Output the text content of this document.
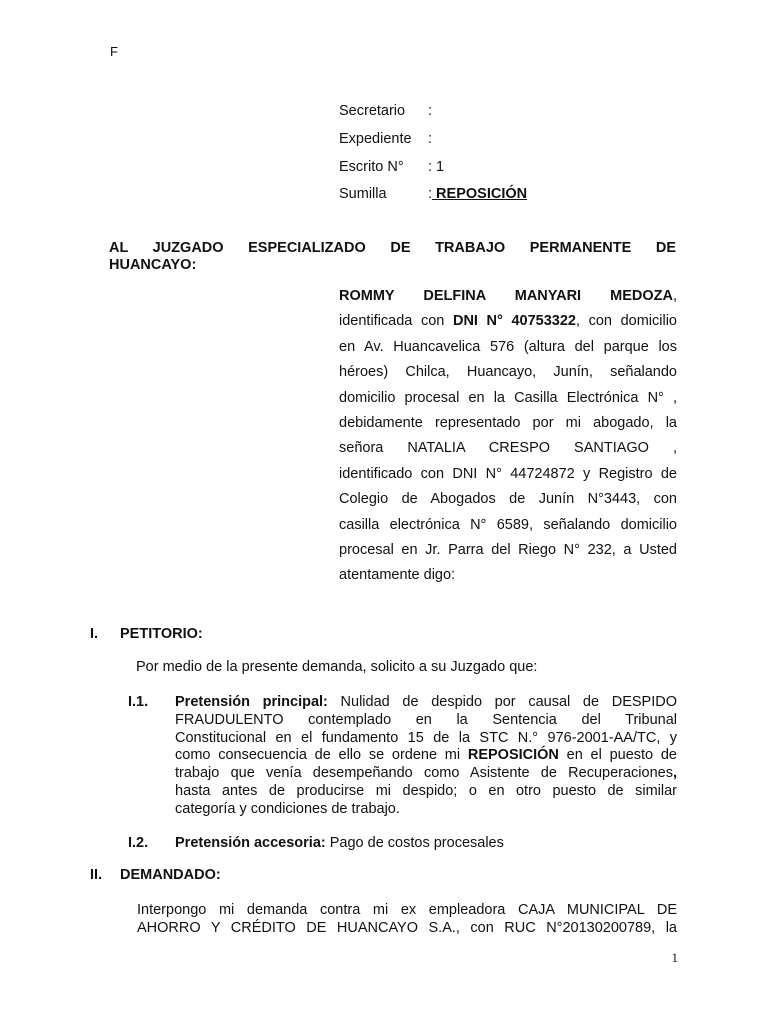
F
Secretario :
Expediente :
Escrito N° : 1
Sumilla	: REPOSICIÓN
AL JUZGADO ESPECIALIZADO DE TRABAJO PERMANENTE DE
HUANCAYO:
ROMMY DELFINA MANYARI MEDOZA,
identificada con DNI N° 40753322, con domicilio
en Av. Huancavelica 576 (altura del parque los
héroes) Chilca, Huancayo, Junín, señalando
domicilio procesal en la Casilla Electrónica N° ,
debidamente representado por mi abogado, la
señora NATALIA CRESPO SANTIAGO ,
identificado con DNI N° 44724872 y Registro de
Colegio de Abogados de Junín N°3443, con
casilla electrónica N° 6589, señalando domicilio
procesal en Jr. Parra del Riego N° 232, a Usted
atentamente digo:
I. PETITORIO:
Por medio de la presente demanda, solicito a su Juzgado que:
I.1. Pretensión principal: Nulidad de despido por causal de DESPIDO
FRAUDULENTO contemplado en la Sentencia del Tribunal
Constitucional en el fundamento 15 de la STC N.° 976-2001-AA/TC, y
como consecuencia de ello se ordene mi REPOSICIÓN en el puesto de
trabajo que venía desempeñando como Asistente de Recuperaciones,
hasta antes de producirse mi despido; o en otro puesto de similar
categoría y condiciones de trabajo.
I.2. Pretensión accesoria: Pago de costos procesales
II. DEMANDADO:
Interpongo mi demanda contra mi ex empleadora CAJA MUNICIPAL DE
AHORRO Y CRÉDITO DE HUANCAYO S.A., con RUC N°20130200789, la
1
